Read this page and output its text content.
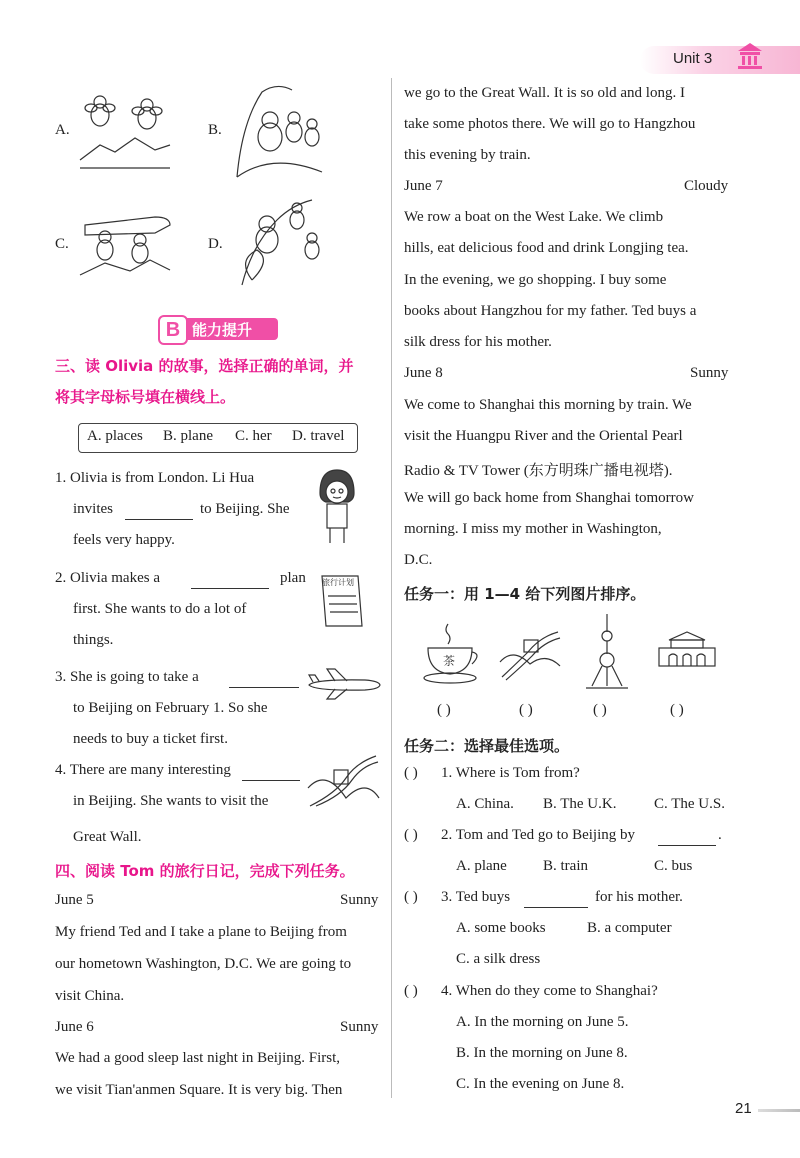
Unit 3
A.	B.
C.	D.
B 能力提升
三、读 Olivia 的故事，选择正确的单词，并
将其字母标号填在横线上。
A. places B. plane C. her D. travel
1. Olivia is from London. Li Hua
invites	to Beijing. She
feels very happy.
2. Olivia makes a	plan
first. She wants to do a lot of
things.
旅行计划
3. She is going to take a
to Beijing on February 1. So she
needs to buy a ticket first.
4. There are many interesting
in Beijing. She wants to visit the
Great Wall.
四、阅读 Tom 的旅行日记，完成下列任务。
June 5	Sunny
My friend Ted and I take a plane to Beijing from
our hometown Washington, D.C. We are going to
visit China.
June 6	Sunny
We had a good sleep last night in Beijing. First,
we visit Tian'anmen Square. It is very big. Then
we go to the Great Wall. It is so old and long. I
take some photos there. We will go to Hangzhou
this evening by train.
June 7	Cloudy
We row a boat on the West Lake. We climb
hills, eat delicious food and drink Longjing tea.
In the evening, we go shopping. I buy some
books about Hangzhou for my father. Ted buys a
silk dress for his mother.
June 8	Sunny
We come to Shanghai this morning by train. We
visit the Huangpu River and the Oriental Pearl
Radio & TV Tower (东方明珠广播电视塔).
We will go back home from Shanghai tomorrow
morning. I miss my mother in Washington,
D.C.
任务一：用 1—4 给下列图片排序。
茶
( )	( )	( )	( )
任务二：选择最佳选项。
( ) 1. Where is Tom from?
A. China. B. The U.K.	C. The U.S.
( ) 2. Tom and Ted go to Beijing by	.
A. plane B. train	C. bus
( ) 3. Ted buys	for his mother.
A. some books	B. a computer
C. a silk dress
( ) 4. When do they come to Shanghai?
A. In the morning on June 5.
B. In the morning on June 8.
C. In the evening on June 8.
21
